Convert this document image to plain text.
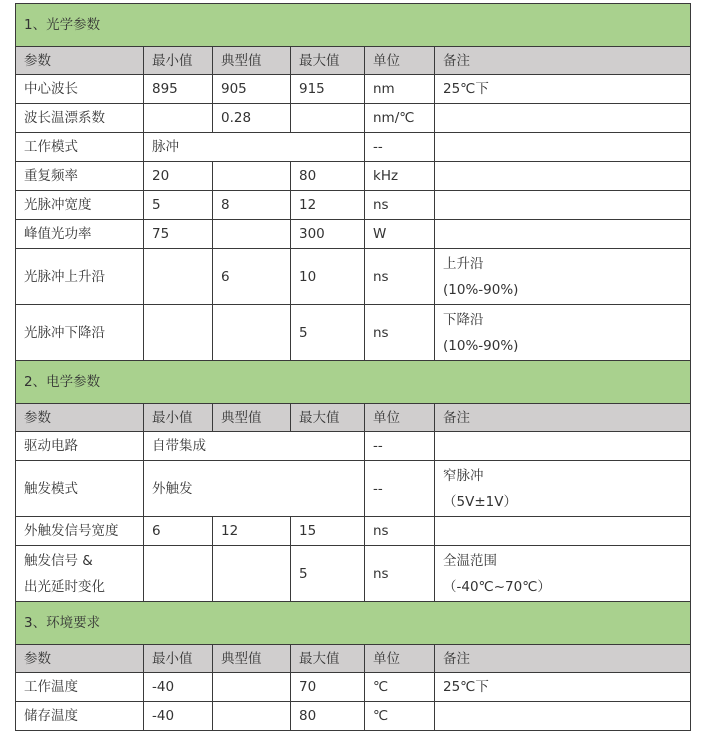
1、光学参数					
参数	最小值	典型值	最大值	单位	备注
中心波长	895	905	915	nm	25℃下
波长温漂系数		0.28		nm/℃	
工作模式	脉冲			--	
重复频率	20		80	kHz	
光脉冲宽度	5	8	12	ns	
峰值光功率	75		300	W	
光脉冲上升沿		6	10	ns	上升沿
(10%-90%)

光脉冲下降沿			5	ns	下降沿
(10%-90%)

2、电学参数					
参数	最小值	典型值	最大值	单位	备注
驱动电路	自带集成			--	
触发模式	外触发			--	窄脉冲
（5V±1V）

外触发信号宽度	6	12	15	ns	

触发信号 &
出光延时变化			5	ns	全温范围
（-40℃~70℃）

3、环境要求					
参数	最小值	典型值	最大值	单位	备注
工作温度	-40		70	℃	25℃下
储存温度	-40		80	℃	
